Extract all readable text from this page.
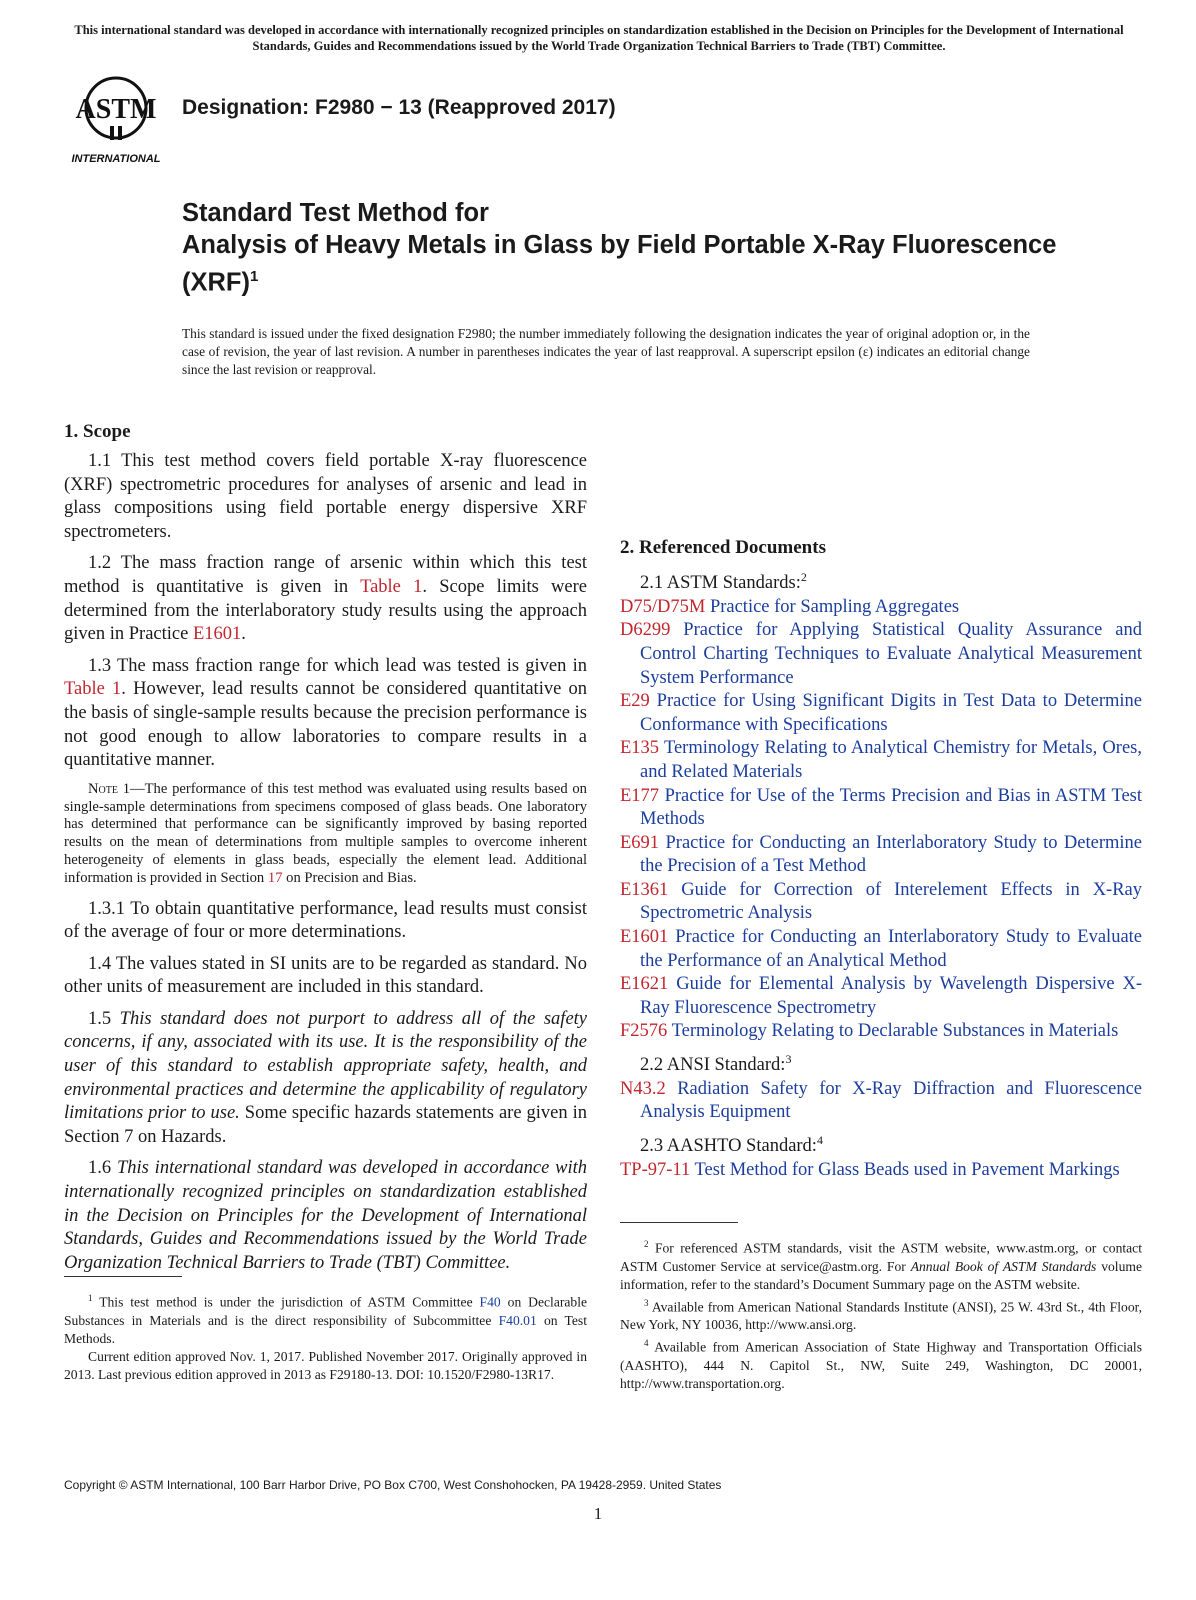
This international standard was developed in accordance with internationally recognized principles on standardization established in the Decision on Principles for the Development of International Standards, Guides and Recommendations issued by the World Trade Organization Technical Barriers to Trade (TBT) Committee.
ASTM
INTERNATIONAL
Designation: F2980 − 13 (Reapproved 2017)
Standard Test Method for
Analysis of Heavy Metals in Glass by Field Portable X-Ray Fluorescence (XRF)$^1$
This standard is issued under the fixed designation F2980; the number immediately following the designation indicates the year of original adoption or, in the case of revision, the year of last revision. A number in parentheses indicates the year of last reapproval. A superscript epsilon (ε) indicates an editorial change since the last revision or reapproval.
1. Scope

1.1 This test method covers field portable X-ray fluorescence (XRF) spectrometric procedures for analyses of arsenic and lead in glass compositions using field portable energy dispersive XRF spectrometers.

1.2 The mass fraction range of arsenic within which this test method is quantitative is given in Table 1. Scope limits were determined from the interlaboratory study results using the approach given in Practice E1601.

1.3 The mass fraction range for which lead was tested is given in Table 1. However, lead results cannot be considered quantitative on the basis of single-sample results because the precision performance is not good enough to allow laboratories to compare results in a quantitative manner.

Note 1—The performance of this test method was evaluated using results based on single-sample determinations from specimens composed of glass beads. One laboratory has determined that performance can be significantly improved by basing reported results on the mean of determinations from multiple samples to overcome inherent heterogeneity of elements in glass beads, especially the element lead. Additional information is provided in Section 17 on Precision and Bias.

1.3.1 To obtain quantitative performance, lead results must consist of the average of four or more determinations.

1.4 The values stated in SI units are to be regarded as standard. No other units of measurement are included in this standard.

1.5 This standard does not purport to address all of the safety concerns, if any, associated with its use. It is the responsibility of the user of this standard to establish appropriate safety, health, and environmental practices and determine the applicability of regulatory limitations prior to use. Some specific hazards statements are given in Section 7 on Hazards.

1.6 This international standard was developed in accordance with internationally recognized principles on standardization established in the Decision on Principles for the Development of International Standards, Guides and Recommendations issued by the World Trade Organization Technical Barriers to Trade (TBT) Committee.

2. Referenced Documents
2.1 ASTM Standards:$^2$

D75/D75M Practice for Sampling Aggregates

D6299 Practice for Applying Statistical Quality Assurance and Control Charting Techniques to Evaluate Analytical Measurement System Performance

E29 Practice for Using Significant Digits in Test Data to Determine Conformance with Specifications

E135 Terminology Relating to Analytical Chemistry for Metals, Ores, and Related Materials

E177 Practice for Use of the Terms Precision and Bias in ASTM Test Methods

E691 Practice for Conducting an Interlaboratory Study to Determine the Precision of a Test Method

E1361 Guide for Correction of Interelement Effects in X-Ray Spectrometric Analysis

E1601 Practice for Conducting an Interlaboratory Study to Evaluate the Performance of an Analytical Method

E1621 Guide for Elemental Analysis by Wavelength Dispersive X-Ray Fluorescence Spectrometry

F2576 Terminology Relating to Declarable Substances in Materials

2.2 ANSI Standard:$^3$

N43.2 Radiation Safety for X-Ray Diffraction and Fluorescence Analysis Equipment

2.3 AASHTO Standard:$^4$

TP-97-11 Test Method for Glass Beads used in Pavement Markings

$^1$ This test method is under the jurisdiction of ASTM Committee F40 on Declarable Substances in Materials and is the direct responsibility of Subcommittee F40.01 on Test Methods.

Current edition approved Nov. 1, 2017. Published November 2017. Originally approved in 2013. Last previous edition approved in 2013 as F29180-13. DOI: 10.1520/F2980-13R17.

$^2$ For referenced ASTM standards, visit the ASTM website, www.astm.org, or contact ASTM Customer Service at service@astm.org. For Annual Book of ASTM Standards volume information, refer to the standard’s Document Summary page on the ASTM website.

$^3$ Available from American National Standards Institute (ANSI), 25 W. 43rd St., 4th Floor, New York, NY 10036, http://www.ansi.org.

$^4$ Available from American Association of State Highway and Transportation Officials (AASHTO), 444 N. Capitol St., NW, Suite 249, Washington, DC 20001, http://www.transportation.org.

Copyright © ASTM International, 100 Barr Harbor Drive, PO Box C700, West Conshohocken, PA 19428-2959. United States
1
